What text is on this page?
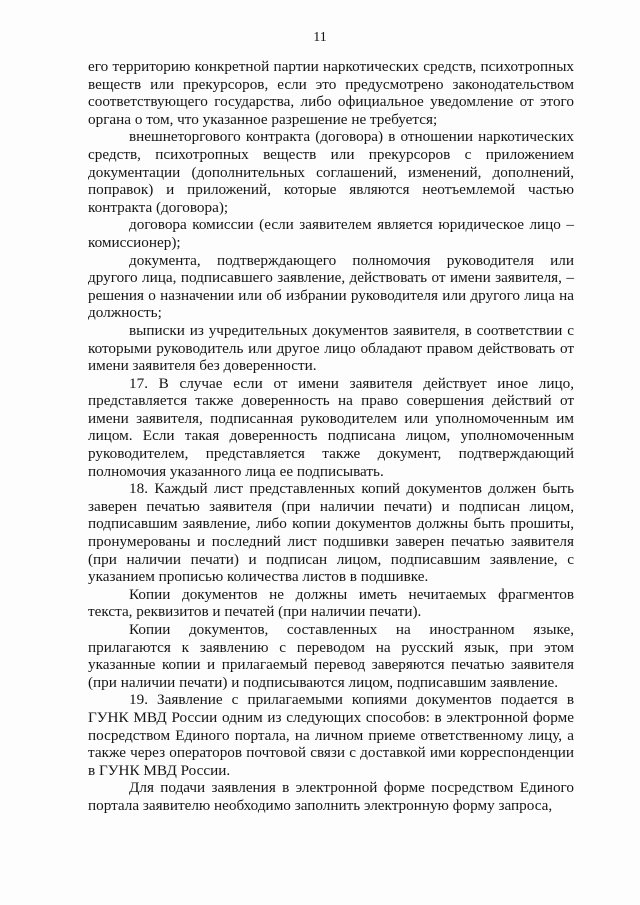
11

его территорию конкретной партии наркотических средств, психотропных веществ или прекурсоров, если это предусмотрено законодательством соответствующего государства, либо официальное уведомление от этого органа о том, что указанное разрешение не требуется;

внешнеторгового контракта (договора) в отношении наркотических средств, психотропных веществ или прекурсоров с приложением документации (дополнительных соглашений, изменений, дополнений, поправок) и приложений, которые являются неотъемлемой частью контракта (договора);

договора комиссии (если заявителем является юридическое лицо – комиссионер);

документа, подтверждающего полномочия руководителя или другого лица, подписавшего заявление, действовать от имени заявителя, – решения о назначении или об избрании руководителя или другого лица на должность;

выписки из учредительных документов заявителя, в соответствии с которыми руководитель или другое лицо обладают правом действовать от имени заявителя без доверенности.

17. В случае если от имени заявителя действует иное лицо, представляется также доверенность на право совершения действий от имени заявителя, подписанная руководителем или уполномоченным им лицом. Если такая доверенность подписана лицом, уполномоченным руководителем, представляется также документ, подтверждающий полномочия указанного лица ее подписывать.

18. Каждый лист представленных копий документов должен быть заверен печатью заявителя (при наличии печати) и подписан лицом, подписавшим заявление, либо копии документов должны быть прошиты, пронумерованы и последний лист подшивки заверен печатью заявителя (при наличии печати) и подписан лицом, подписавшим заявление, с указанием прописью количества листов в подшивке.

Копии документов не должны иметь нечитаемых фрагментов текста, реквизитов и печатей (при наличии печати).

Копии документов, составленных на иностранном языке, прилагаются к заявлению с переводом на русский язык, при этом указанные копии и прилагаемый перевод заверяются печатью заявителя (при наличии печати) и подписываются лицом, подписавшим заявление.

19. Заявление с прилагаемыми копиями документов подается в ГУНК МВД России одним из следующих способов: в электронной форме посредством Единого портала, на личном приеме ответственному лицу, а также через операторов почтовой связи с доставкой ими корреспонденции в ГУНК МВД России.

Для подачи заявления в электронной форме посредством Единого портала заявителю необходимо заполнить электронную форму запроса,
